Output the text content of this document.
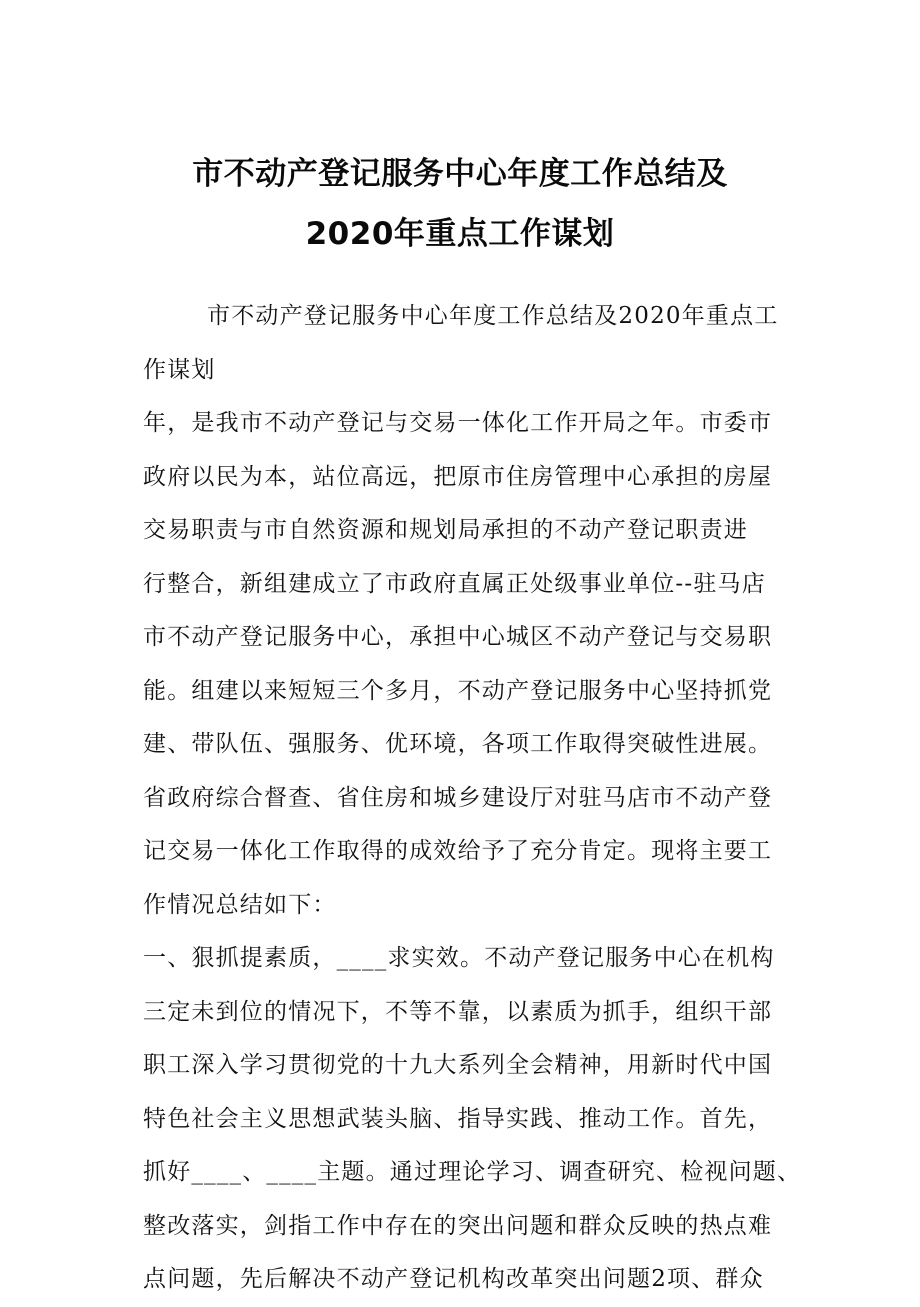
市不动产登记服务中心年度工作总结及
2020年重点工作谋划
市不动产登记服务中心年度工作总结及2020年重点工
作谋划
年，是我市不动产登记与交易一体化工作开局之年。市委市
政府以民为本，站位高远，把原市住房管理中心承担的房屋
交易职责与市自然资源和规划局承担的不动产登记职责进
行整合，新组建成立了市政府直属正处级事业单位--驻马店
市不动产登记服务中心，承担中心城区不动产登记与交易职
能。组建以来短短三个多月，不动产登记服务中心坚持抓党
建、带队伍、强服务、优环境，各项工作取得突破性进展。
省政府综合督查、省住房和城乡建设厅对驻马店市不动产登
记交易一体化工作取得的成效给予了充分肯定。现将主要工
作情况总结如下：
一、狠抓提素质，____求实效。不动产登记服务中心在机构
三定未到位的情况下，不等不靠，以素质为抓手，组织干部
职工深入学习贯彻党的十九大系列全会精神，用新时代中国
特色社会主义思想武装头脑、指导实践、推动工作。首先，
抓好____、____主题。通过理论学习、调查研究、检视问题、
整改落实，剑指工作中存在的突出问题和群众反映的热点难
点问题，先后解决不动产登记机构改革突出问题2项、群众
